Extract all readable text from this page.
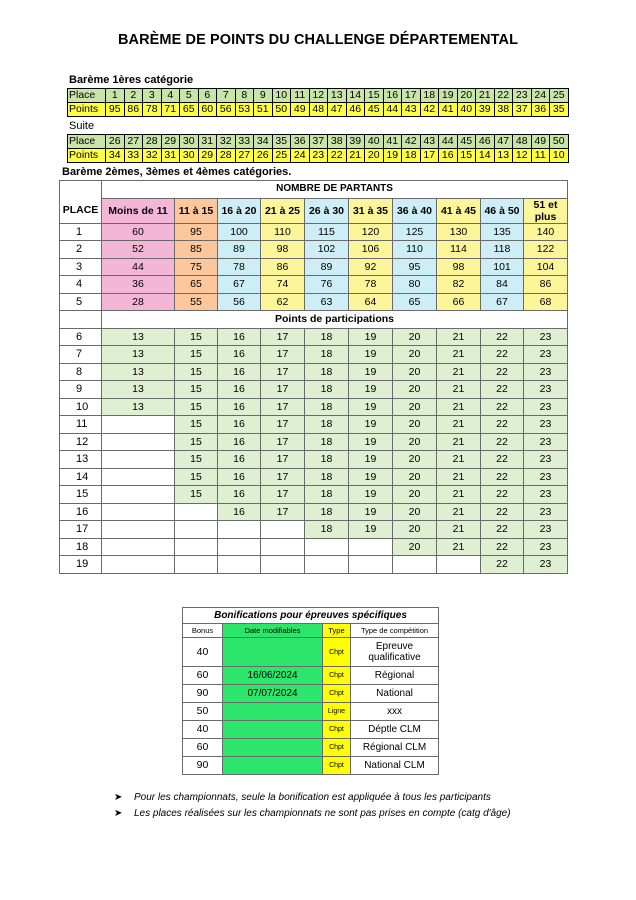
BARÈME DE POINTS DU CHALLENGE DÉPARTEMENTAL
Barème 1ères catégorie
Place	1	2	3	4	5	6	7	8	9	10	11	12	13	14	15	16	17	18	19	20	21	22	23	24	25
Points	95	86	78	71	65	60	56	53	51	50	49	48	47	46	45	44	43	42	41	40	39	38	37	36	35
Suite
Place	26	27	28	29	30	31	32	33	34	35	36	37	38	39	40	41	42	43	44	45	46	47	48	49	50
Points	34	33	32	31	30	29	28	27	26	25	24	23	22	21	20	19	18	17	16	15	14	13	12	11	10
Barème 2èmes, 3èmes et 4èmes catégories.
	NOMBRE DE PARTANTS									
PLACE	Moins de 11	11 à 15	16 à 20	21 à 25	26 à 30	31 à 35	36 à 40	41 à 45	46 à 50	51 et plus
1	60	95	100	110	115	120	125	130	135	140
2	52	85	89	98	102	106	110	114	118	122
3	44	75	78	86	89	92	95	98	101	104
4	36	65	67	74	76	78	80	82	84	86
5	28	55	56	62	63	64	65	66	67	68
	Points de participations									
6	13	15	16	17	18	19	20	21	22	23
7	13	15	16	17	18	19	20	21	22	23
8	13	15	16	17	18	19	20	21	22	23
9	13	15	16	17	18	19	20	21	22	23
10	13	15	16	17	18	19	20	21	22	23
11		15	16	17	18	19	20	21	22	23
12		15	16	17	18	19	20	21	22	23
13		15	16	17	18	19	20	21	22	23
14		15	16	17	18	19	20	21	22	23
15		15	16	17	18	19	20	21	22	23
16			16	17	18	19	20	21	22	23
17					18	19	20	21	22	23
18							20	21	22	23
19									22	23
Bonifications pour épreuves spécifiques			
Bonus	Date modifiables	Type	Type de compétition
40		Chpt	Epreuve qualificative
60	16/06/2024	Chpt	Régional
90	07/07/2024	Chpt	National
50		Ligne	xxx
40		Chpt	Déptle CLM
60		Chpt	Régional CLM
90		Chpt	National CLM
➤ Pour les championnats, seule la bonification est appliquée à tous les participants
➤ Les places réalisées sur les championnats ne sont pas prises en compte (catg d'âge)
